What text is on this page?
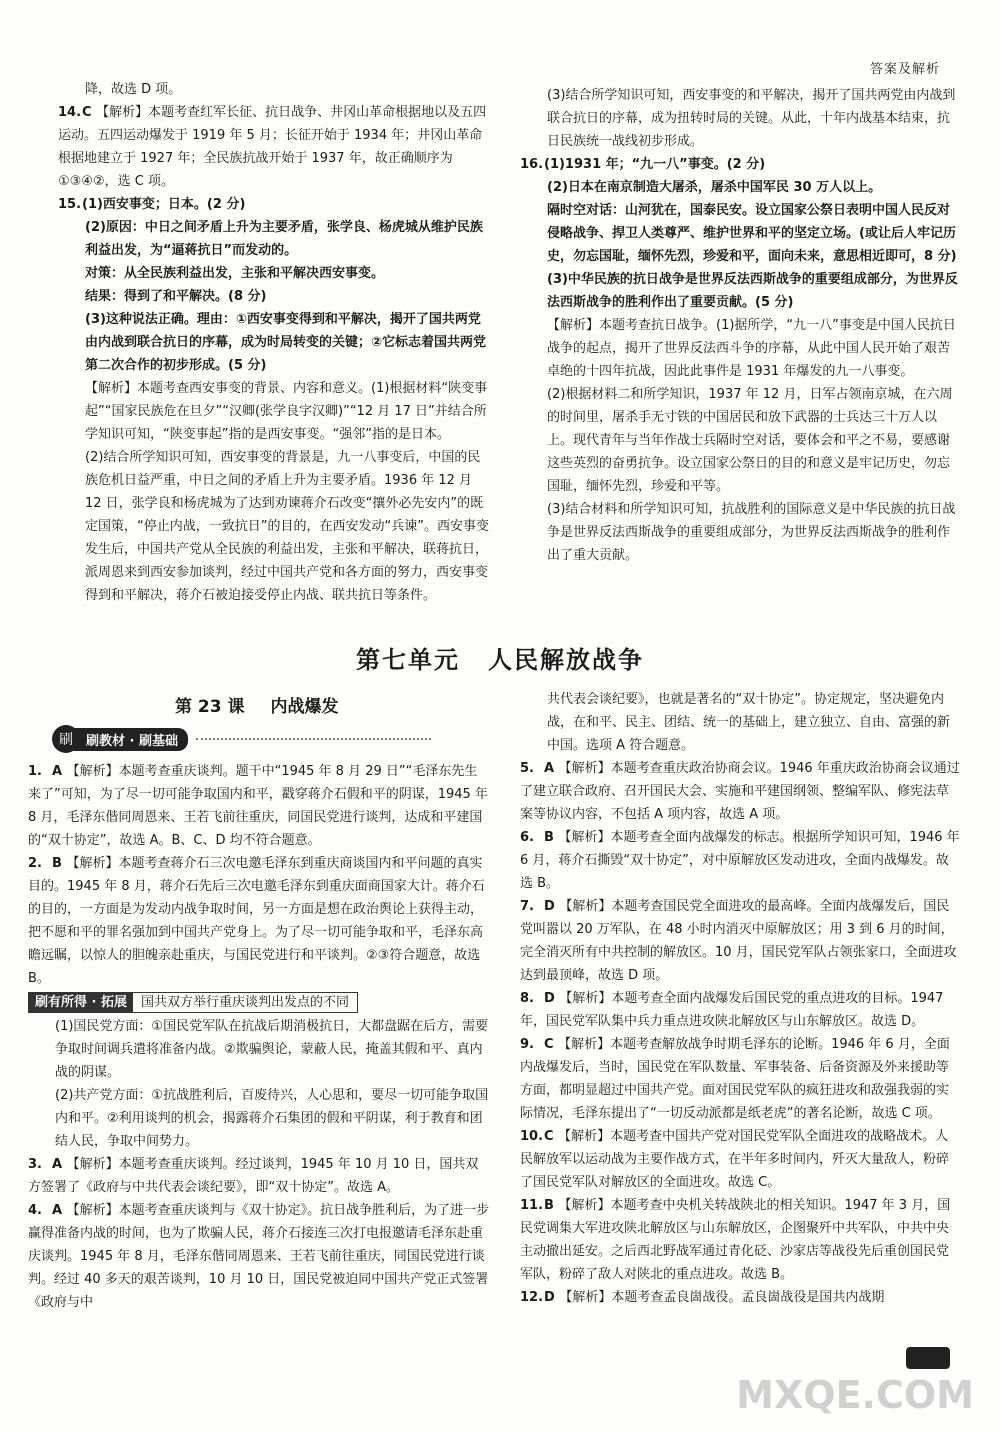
答案及解析

降，故选 D 项。

14.C 【解析】本题考查红军长征、抗日战争、井冈山革命根据地以及五四运动。五四运动爆发于 1919 年 5 月；长征开始于 1934 年；井冈山革命根据地建立于 1927 年；全民族抗战开始于 1937 年，故正确顺序为①③④②，选 C 项。

15.(1)西安事变；日本。(2 分)

(2)原因：中日之间矛盾上升为主要矛盾，张学良、杨虎城从维护民族利益出发，为“逼蒋抗日”而发动的。

对策：从全民族利益出发，主张和平解决西安事变。

结果：得到了和平解决。(8 分)

(3)这种说法正确。理由：①西安事变得到和平解决，揭开了国共两党由内战到联合抗日的序幕，成为时局转变的关键；②它标志着国共两党第二次合作的初步形成。(5 分)

【解析】本题考查西安事变的背景、内容和意义。(1)根据材料“陕变事起”“国家民族危在旦夕”“汉卿(张学良字汉卿)”“12 月 17 日”并结合所学知识可知，“陕变事起”指的是西安事变。“强邻”指的是日本。

(2)结合所学知识可知，西安事变的背景是，九一八事变后，中国的民族危机日益严重，中日之间的矛盾上升为主要矛盾。1936 年 12 月 12 日，张学良和杨虎城为了达到劝谏蒋介石改变“攘外必先安内”的既定国策，“停止内战，一致抗日”的目的，在西安发动“兵谏”。西安事变发生后，中国共产党从全民族的利益出发，主张和平解决，联蒋抗日，派周恩来到西安参加谈判，经过中国共产党和各方面的努力，西安事变得到和平解决，蒋介石被迫接受停止内战、联共抗日等条件。

(3)结合所学知识可知，西安事变的和平解决，揭开了国共两党由内战到联合抗日的序幕，成为扭转时局的关键。从此，十年内战基本结束，抗日民族统一战线初步形成。

16.(1)1931 年；“九一八”事变。(2 分)

(2)日本在南京制造大屠杀，屠杀中国军民 30 万人以上。

隔时空对话：山河犹在，国泰民安。设立国家公祭日表明中国人民反对侵略战争、捍卫人类尊严、维护世界和平的坚定立场。(或让后人牢记历史，勿忘国耻，缅怀先烈，珍爱和平，面向未来，意思相近即可，8 分)

(3)中华民族的抗日战争是世界反法西斯战争的重要组成部分，为世界反法西斯战争的胜利作出了重要贡献。(5 分)

【解析】本题考查抗日战争。(1)据所学，“九一八”事变是中国人民抗日战争的起点，揭开了世界反法西斗争的序幕，从此中国人民开始了艰苦卓绝的十四年抗战，因此此事件是 1931 年爆发的九一八事变。

(2)根据材料二和所学知识，1937 年 12 月，日军占领南京城，在六周的时间里，屠杀手无寸铁的中国居民和放下武器的士兵达三十万人以上。现代青年与当年作战士兵隔时空对话，要体会和平之不易，要感谢这些英烈的奋勇抗争。设立国家公祭日的目的和意义是牢记历史，勿忘国耻，缅怀先烈，珍爱和平等。

(3)结合材料和所学知识可知，抗战胜利的国际意义是中华民族的抗日战争是世界反法西斯战争的重要组成部分，为世界反法西斯战争的胜利作出了重大贡献。

第七单元 人民解放战争
第 23 课 内战爆发
刷	刷教材 · 刷基础

1. A 【解析】本题考查重庆谈判。题干中“1945 年 8 月 29 日”“毛泽东先生来了”可知，为了尽一切可能争取国内和平，戳穿蒋介石假和平的阴谋，1945 年 8 月，毛泽东偕同周恩来、王若飞前往重庆，同国民党进行谈判，达成和平建国的“双十协定”，故选 A。B、C、D 均不符合题意。

2. B 【解析】本题考查蒋介石三次电邀毛泽东到重庆商谈国内和平问题的真实目的。1945 年 8 月，蒋介石先后三次电邀毛泽东到重庆面商国家大计。蒋介石的目的，一方面是为发动内战争取时间，另一方面是想在政治舆论上获得主动，把不愿和平的罪名强加到中国共产党身上。为了尽一切可能争取和平，毛泽东高瞻远瞩，以惊人的胆魄亲赴重庆，与国民党进行和平谈判。②③符合题意，故选 B。

刷有所得 · 拓展	国共双方举行重庆谈判出发点的不同

(1)国民党方面：①国民党军队在抗战后期消极抗日，大都盘踞在后方，需要争取时间调兵遣将准备内战。②欺骗舆论，蒙蔽人民，掩盖其假和平、真内战的阴谋。

(2)共产党方面：①抗战胜利后，百废待兴，人心思和，要尽一切可能争取国内和平。②利用谈判的机会，揭露蒋介石集团的假和平阴谋，利于教育和团结人民，争取中间势力。

3. A 【解析】本题考查重庆谈判。经过谈判，1945 年 10 月 10 日，国共双方签署了《政府与中共代表会谈纪要》，即“双十协定”。故选 A。

4. A 【解析】本题考查重庆谈判与《双十协定》。抗日战争胜利后，为了进一步赢得准备内战的时间，也为了欺骗人民，蒋介石接连三次打电报邀请毛泽东赴重庆谈判。1945 年 8 月，毛泽东偕同周恩来、王若飞前往重庆，同国民党进行谈判。经过 40 多天的艰苦谈判，10 月 10 日，国民党被迫同中国共产党正式签署《政府与中

共代表会谈纪要》，也就是著名的“双十协定”。协定规定，坚决避免内战，在和平、民主、团结、统一的基础上，建立独立、自由、富强的新中国。选项 A 符合题意。

5. A 【解析】本题考查重庆政治协商会议。1946 年重庆政治协商会议通过了建立联合政府、召开国民大会、实施和平建国纲领、整编军队、修宪法草案等协议内容，不包括 A 项内容，故选 A 项。

6. B 【解析】本题考查全面内战爆发的标志。根据所学知识可知，1946 年 6 月，蒋介石撕毁“双十协定”，对中原解放区发动进攻，全面内战爆发。故选 B。

7. D 【解析】本题考查国民党全面进攻的最高峰。全面内战爆发后，国民党叫嚣以 20 万军队，在 48 小时内消灭中原解放区；用 3 到 6 月的时间，完全消灭所有中共控制的解放区。10 月，国民党军队占领张家口，全面进攻达到最顶峰，故选 D 项。

8. D 【解析】本题考查全面内战爆发后国民党的重点进攻的目标。1947 年，国民党军队集中兵力重点进攻陕北解放区与山东解放区。故选 D。

9. C 【解析】本题考查解放战争时期毛泽东的论断。1946 年 6 月，全面内战爆发后，当时，国民党在军队数量、军事装备、后备资源及外来援助等方面，都明显超过中国共产党。面对国民党军队的疯狂进攻和敌强我弱的实际情况，毛泽东提出了“一切反动派都是纸老虎”的著名论断，故选 C 项。

10.C 【解析】本题考查中国共产党对国民党军队全面进攻的战略战术。人民解放军以运动战为主要作战方式，在半年多时间内，歼灭大量敌人，粉碎了国民党军队对解放区的全面进攻。故选 C。

11.B 【解析】本题考查中央机关转战陕北的相关知识。1947 年 3 月，国民党调集大军进攻陕北解放区与山东解放区，企图聚歼中共军队，中共中央主动撤出延安。之后西北野战军通过青化砭、沙家店等战役先后重创国民党军队，粉碎了敌人对陕北的重点进攻。故选 B。

12.D 【解析】本题考查孟良崮战役。孟良崮战役是国共内战期

MXQE.COM
